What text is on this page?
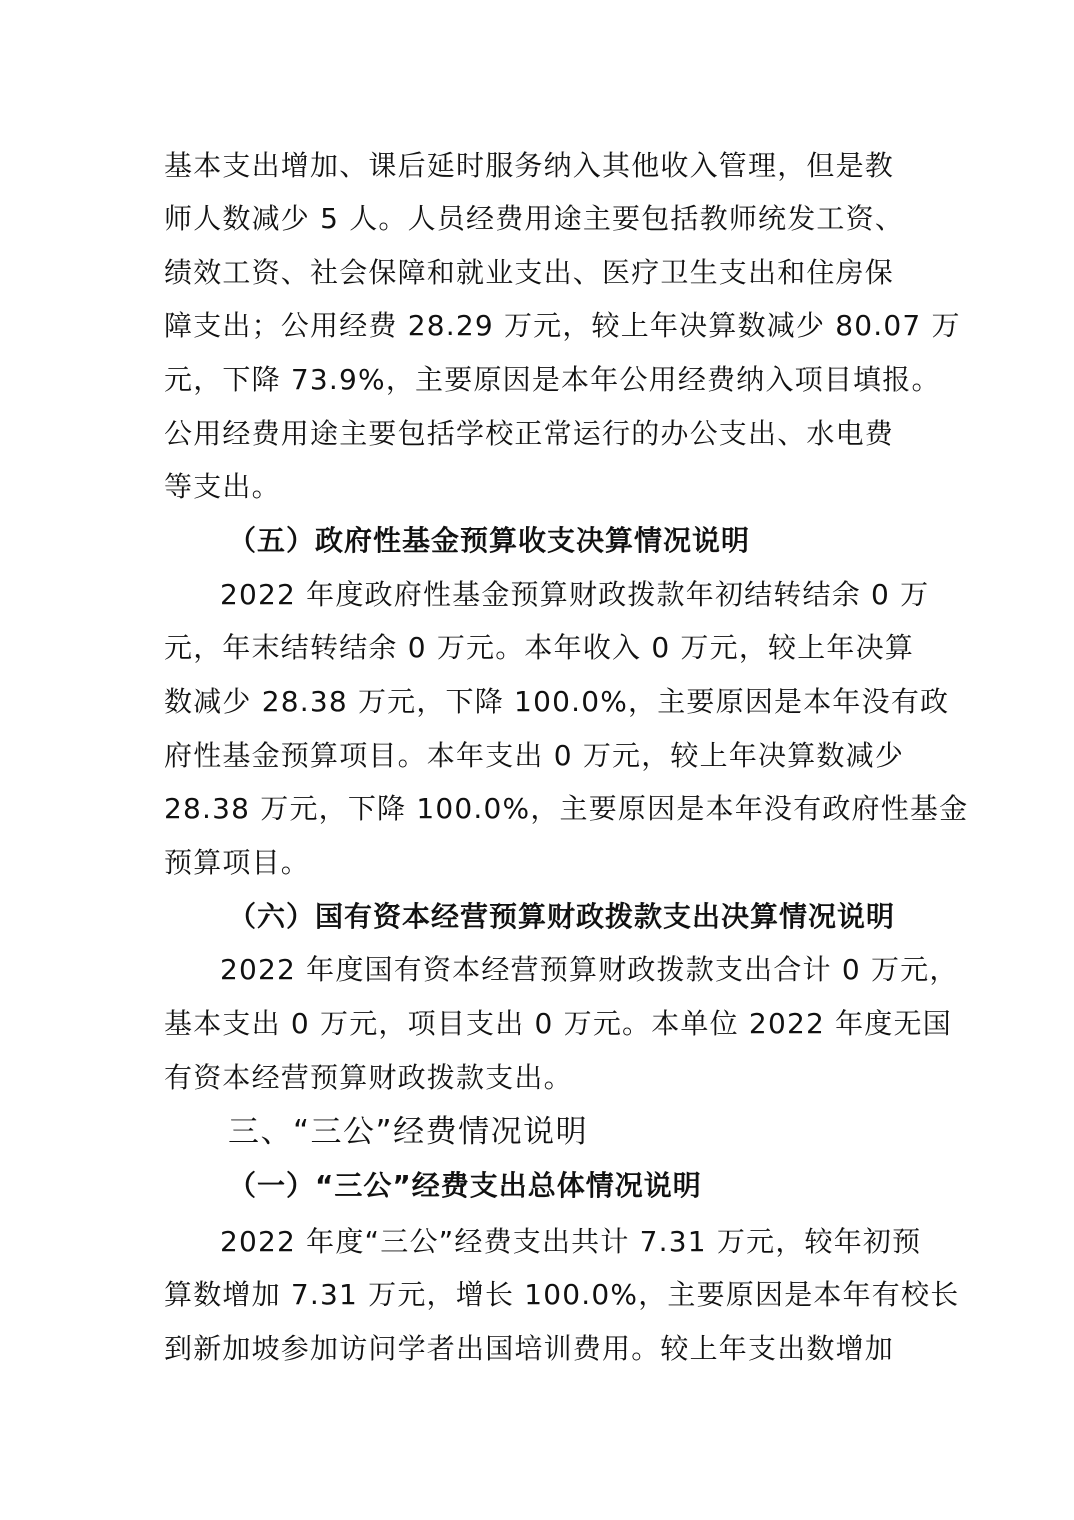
基本支出增加、课后延时服务纳入其他收入管理，但是教
师人数减少 5 人。人员经费用途主要包括教师统发工资、
绩效工资、社会保障和就业支出、医疗卫生支出和住房保
障支出；公用经费 28.29 万元，较上年决算数减少 80.07 万
元，下降 73.9%，主要原因是本年公用经费纳入项目填报。
公用经费用途主要包括学校正常运行的办公支出、水电费
等支出。
（五）政府性基金预算收支决算情况说明
2022 年度政府性基金预算财政拨款年初结转结余 0 万
元，年末结转结余 0 万元。本年收入 0 万元，较上年决算
数减少 28.38 万元，下降 100.0%，主要原因是本年没有政
府性基金预算项目。本年支出 0 万元，较上年决算数减少
28.38 万元，下降 100.0%，主要原因是本年没有政府性基金
预算项目。
（六）国有资本经营预算财政拨款支出决算情况说明
2022 年度国有资本经营预算财政拨款支出合计 0 万元，
基本支出 0 万元，项目支出 0 万元。本单位 2022 年度无国
有资本经营预算财政拨款支出。
三、“三公”经费情况说明
（一）“三公”经费支出总体情况说明
2022 年度“三公”经费支出共计 7.31 万元，较年初预
算数增加 7.31 万元，增长 100.0%，主要原因是本年有校长
到新加坡参加访问学者出国培训费用。较上年支出数增加
